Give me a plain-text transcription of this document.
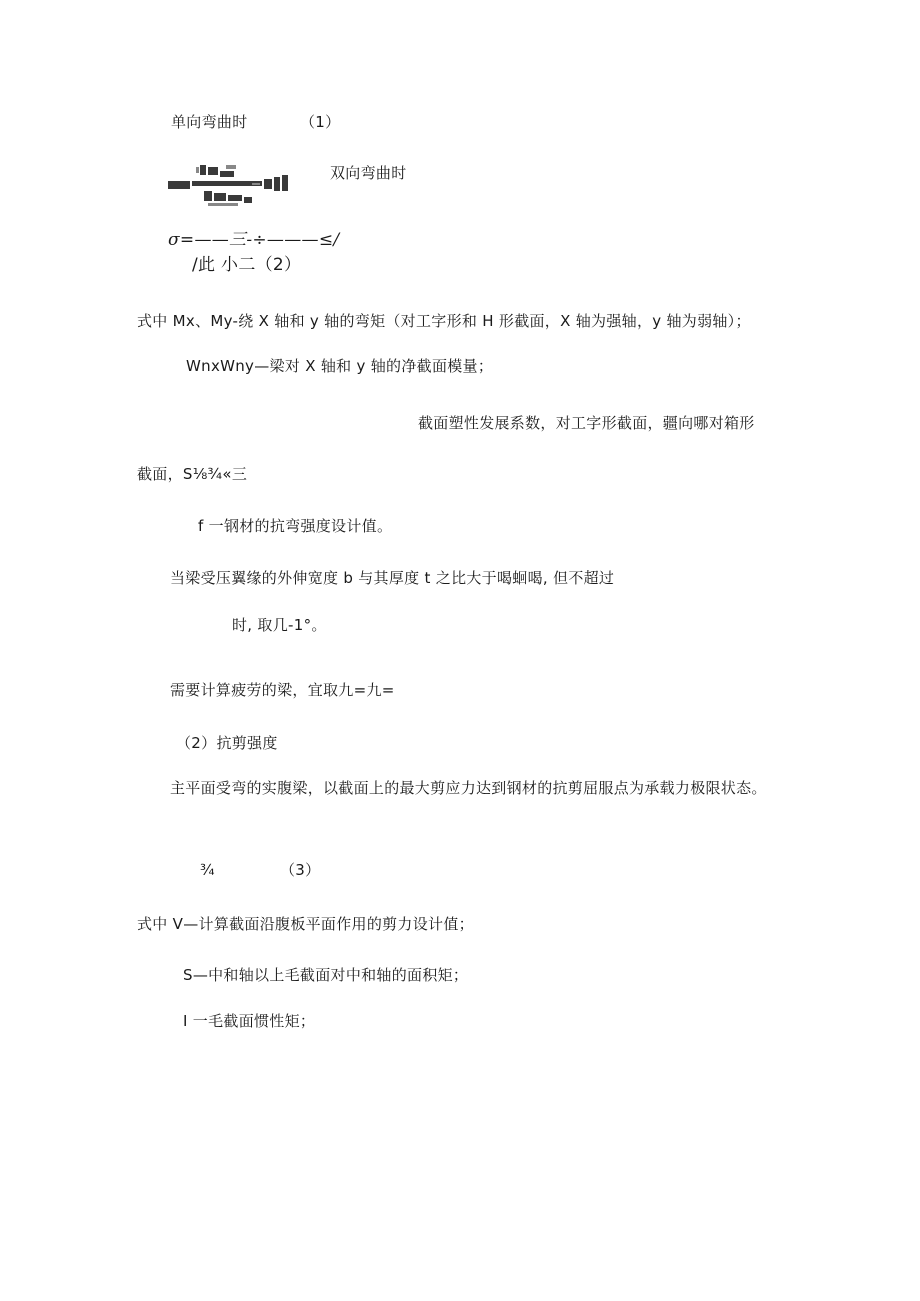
单向弯曲时	（1）
双向弯曲时
σ=——三-÷———≤/
/此 小二（2）
式中 Mx、My-绕 X 轴和 y 轴的弯矩（对工字形和 H 形截面，X 轴为强轴，y 轴为弱轴）；
WnxWny—梁对 X 轴和 y 轴的净截面模量；
截面塑性发展系数，对工字形截面，疆向哪对箱形
截面，S⅛¾«三
f 一钢材的抗弯强度设计值。
当梁受压翼缘的外伸宽度 b 与其厚度 t 之比大于喝蛔喝, 但不超过
时, 取几-1°。
需要计算疲劳的梁，宜取九=九=
（2）抗剪强度
主平面受弯的实腹梁，以截面上的最大剪应力达到钢材的抗剪屈服点为承载力极限状态。
¾	（3）
式中 V—计算截面沿腹板平面作用的剪力设计值；
S—中和轴以上毛截面对中和轴的面积矩；
I 一毛截面惯性矩；
